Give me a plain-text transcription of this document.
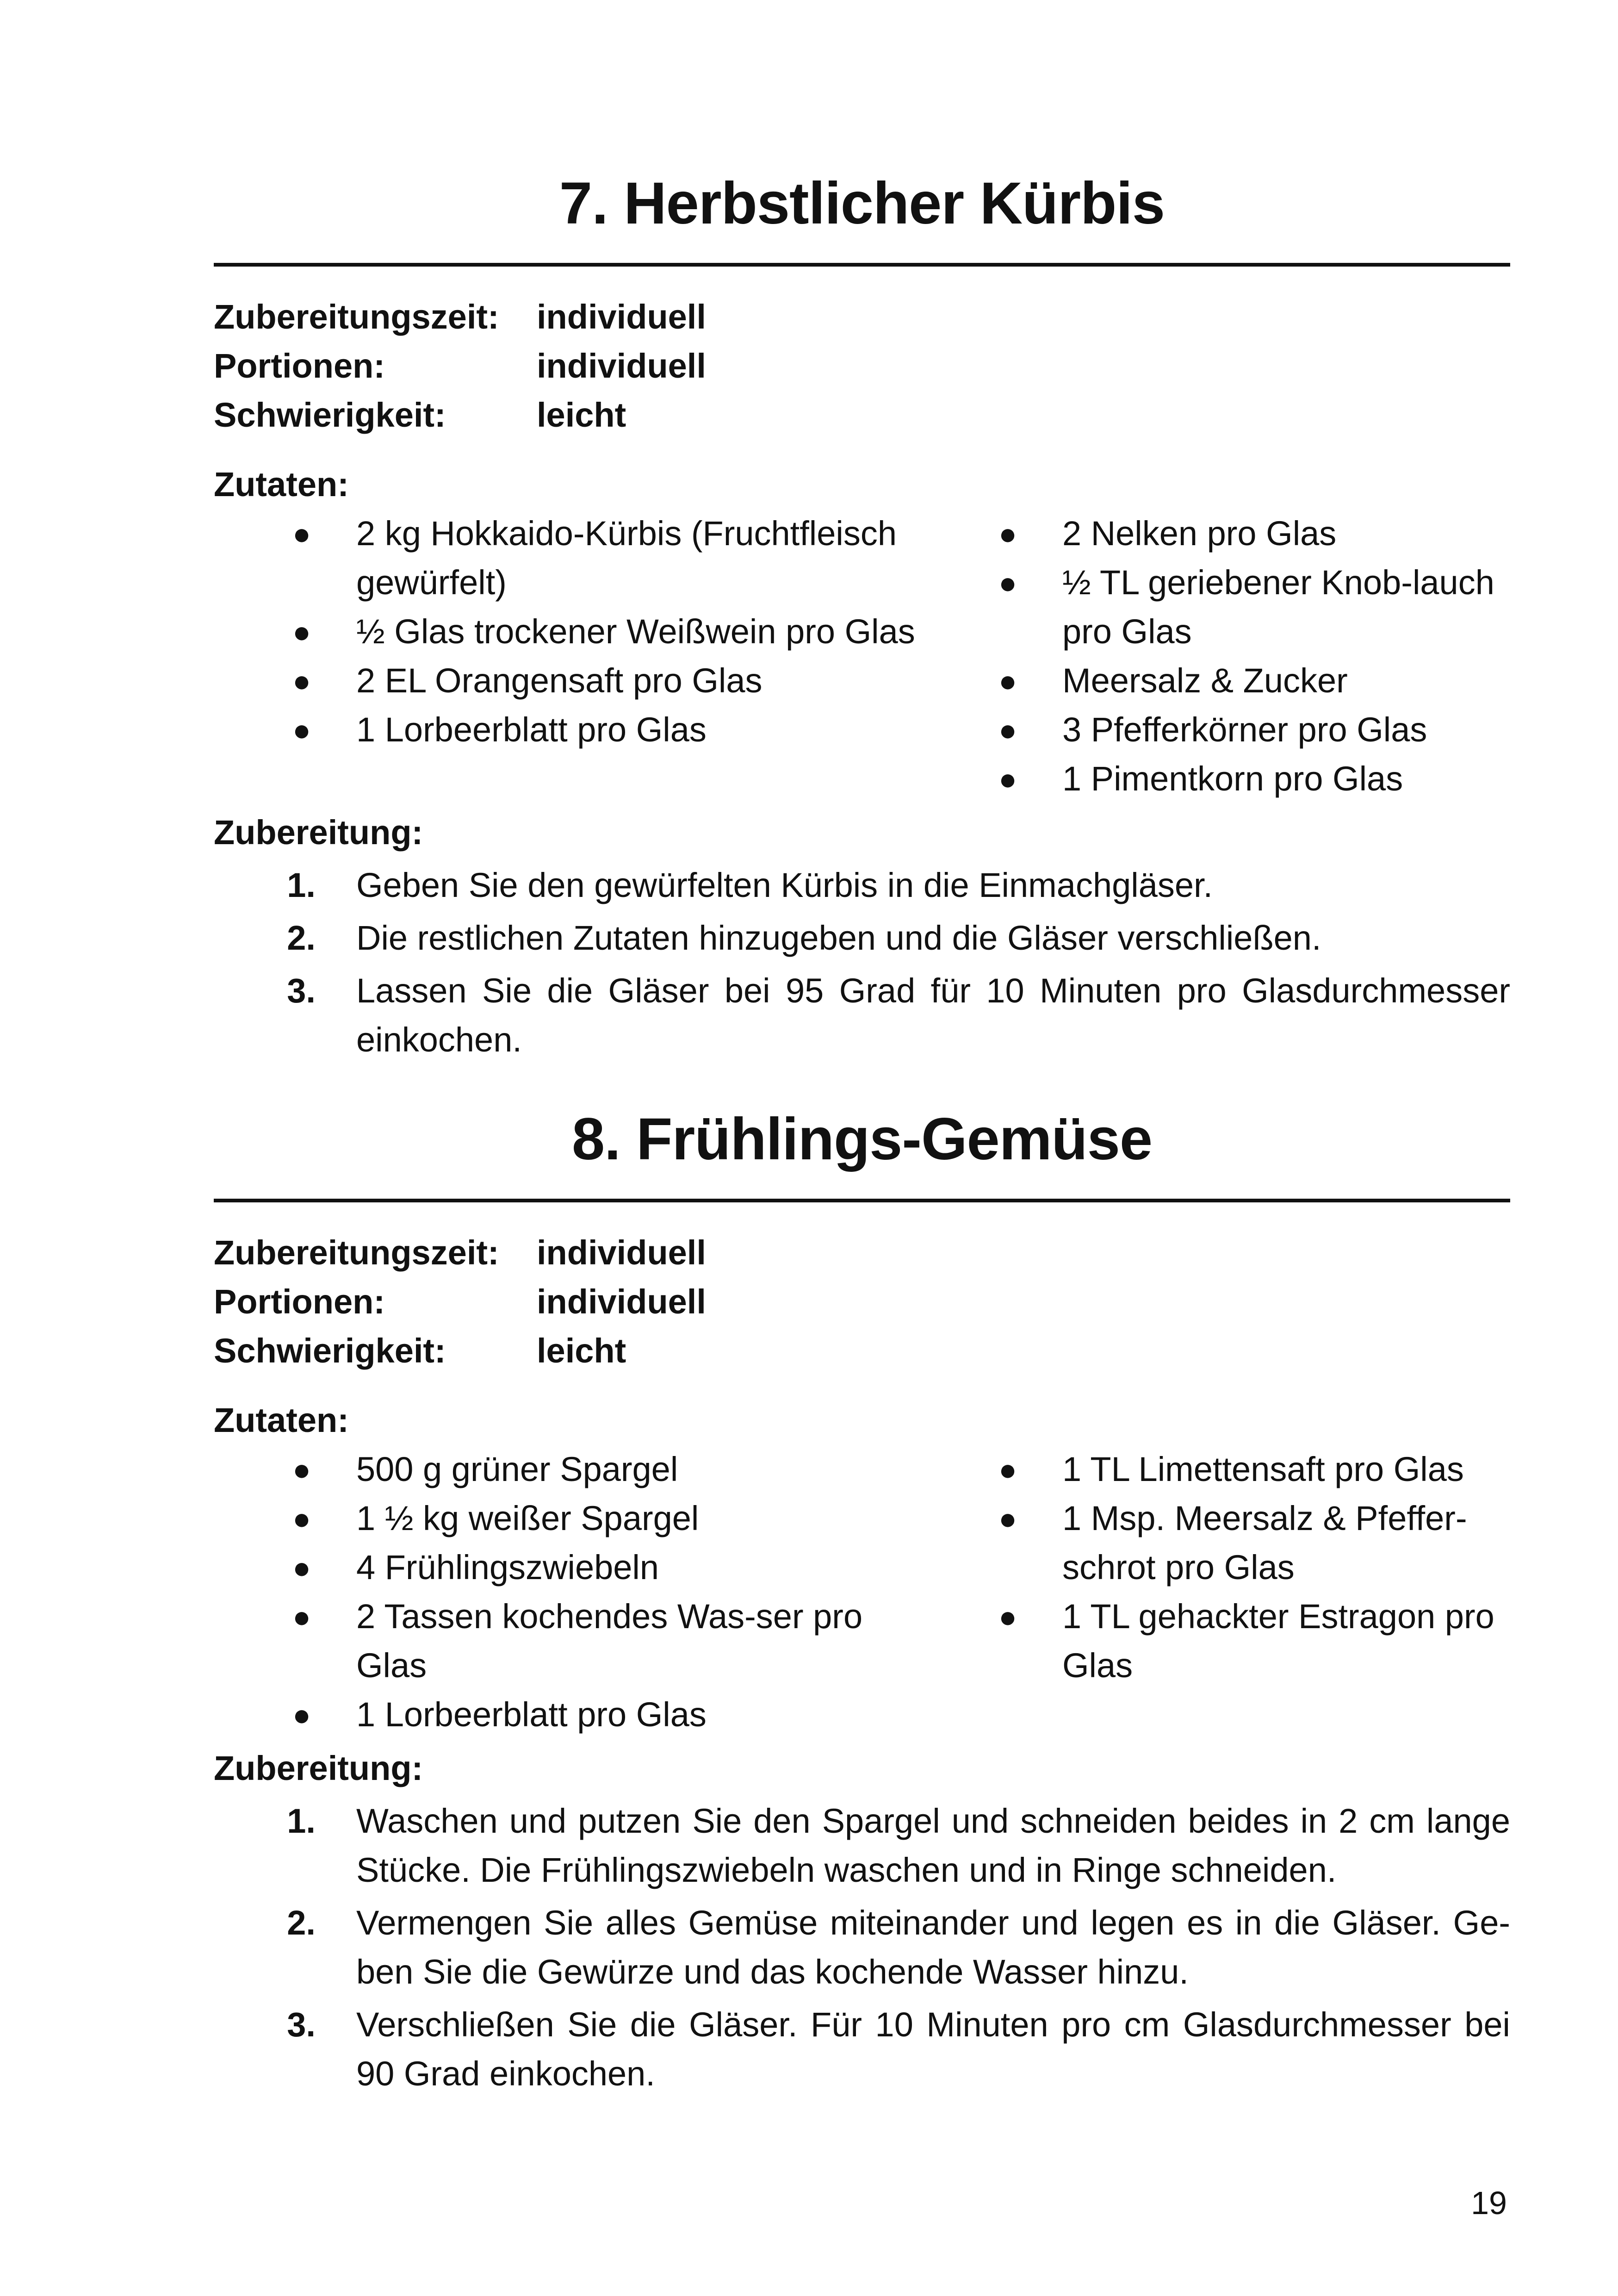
7. Herbstlicher Kürbis
Zubereitungszeit:	individuell
Portionen:	individuell
Schwierigkeit:	leicht
Zutaten:
● 2 kg Hokkaido-Kürbis (Fruchtfleisch gewürfelt)
● ½ Glas trockener Weißwein pro Glas
● 2 EL Orangensaft pro Glas
● 1 Lorbeerblatt pro Glas
● 2 Nelken pro Glas
● ½ TL geriebener Knob-lauch pro Glas
● Meersalz & Zucker
● 3 Pfefferkörner pro Glas
● 1 Pimentkorn pro Glas
Zubereitung:
1. Geben Sie den gewürfelten Kürbis in die Einmachgläser.
2. Die restlichen Zutaten hinzugeben und die Gläser verschließen.
3. Lassen Sie die Gläser bei 95 Grad für 10 Minuten pro Glasdurchmesser einkochen.
8. Frühlings-Gemüse
Zubereitungszeit:	individuell
Portionen:	individuell
Schwierigkeit:	leicht
Zutaten:
● 500 g grüner Spargel
● 1 ½ kg weißer Spargel
● 4 Frühlingszwiebeln
● 2 Tassen kochendes Was-ser pro Glas
● 1 Lorbeerblatt pro Glas
● 1 TL Limettensaft pro Glas
● 1 Msp. Meersalz & Pfeffer-schrot pro Glas
● 1 TL gehackter Estragon pro Glas
Zubereitung:
1. Waschen und putzen Sie den Spargel und schneiden beides in 2 cm lange Stücke. Die Frühlingszwiebeln waschen und in Ringe schneiden.
2. Vermengen Sie alles Gemüse miteinander und legen es in die Gläser. Ge-ben Sie die Gewürze und das kochende Wasser hinzu.
3. Verschließen Sie die Gläser. Für 10 Minuten pro cm Glasdurchmesser bei 90 Grad einkochen.
19
